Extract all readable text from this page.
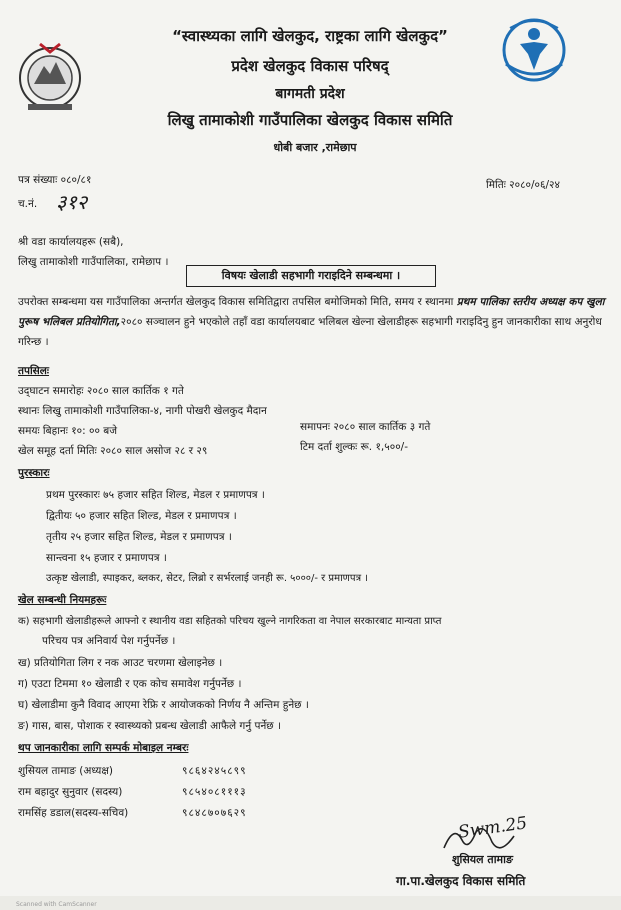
“स्वास्थ्यका लागि खेलकुद, राष्ट्रका लागि खेलकुद”
प्रदेश खेलकुद विकास परिषद्
बागमती प्रदेश
लिखु तामाकोशी गाउँपालिका खेलकुद विकास समिति
धोबी बजार ,रामेछाप
पत्र संख्याः ०८०/८१
च.नं. ३१२
मितिः २०८०/०६/२४
श्री वडा कार्यालयहरू (सबै),
लिखु तामाकोशी गाउँपालिका, रामेछाप ।
विषयः खेलाडी सहभागी गराइदिने सम्बन्धमा ।
उपरोक्त सम्बन्धमा यस गाउँपालिका अन्तर्गत खेलकुद विकास समितिद्वारा तपसिल बमोजिमको मिति, समय र स्थानमा प्रथम पालिका स्तरीय अध्यक्ष कप खुला पुरूष भलिबल प्रतियोगिता,२०८० सञ्चालन हुने भएकोले तहाँ वडा कार्यालयबाट भलिबल खेल्ना खेलाडीहरू सहभागी गराइदिनु हुन जानकारीका साथ अनुरोध गरिन्छ ।
तपसिलः
उद्‌घाटन समारोहः २०८० साल कार्तिक १ गते
स्थानः लिखु तामाकोशी गाउँपालिका-४, नागी पोखरी खेलकुद मैदान
समयः बिहानः १०: ०० बजे	समापनः २०८० साल कार्तिक ३ गते
खेल समूह दर्ता मितिः २०८० साल असोज २८ र २९	टिम दर्ता शुल्कः रू. १,५००/-
पुरस्कारः
प्रथम पुरस्कारः ७५ हजार सहित शिल्ड, मेडल र प्रमाणपत्र ।
द्वितीयः ५० हजार सहित शिल्ड, मेडल र प्रमाणपत्र ।
तृतीय २५ हजार सहित शिल्ड, मेडल र प्रमाणपत्र ।
सान्त्वना १५ हजार र प्रमाणपत्र ।
उत्कृष्ट खेलाडी, स्पाइकर, ब्लकर, सेटर, लिब्रो र सर्भरलाई जनही रू. ५०००/- र प्रमाणपत्र ।
खेल सम्बन्धी नियमहरूः
क) सहभागी खेलाडीहरूले आफ्नो र स्थानीय वडा सहितको परिचय खुल्ने नागरिकता वा नेपाल सरकारबाट मान्यता प्राप्त
परिचय पत्र अनिवार्य पेश गर्नुपर्नेछ ।
ख) प्रतियोगिता लिग र नक आउट चरणमा खेलाइनेछ ।
ग) एउटा टिममा १० खेलाडी र एक कोच समावेश गर्नुपर्नेछ ।
घ) खेलाडीमा कुनै विवाद आएमा रेफ्रि र आयोजकको निर्णय नै अन्तिम हुनेछ ।
ङ) गास, बास, पोशाक र स्वास्थ्यको प्रबन्ध खेलाडी आफैले गर्नु पर्नेछ ।
थप जानकारीका लागि सम्पर्क मोबाइल नम्बरः
शुसियल तामाङ (अध्यक्ष)	९८६४२४५८९९
राम बहादुर सुनुवार (सदस्य)	९८५४०८१११३
रामसिंह डडाल(सदस्य-सचिव)	९८४८७०७६२९
Swm.25
शुसियल तामाङ
गा.पा.खेलकुद विकास समिति
Scanned with CamScanner
